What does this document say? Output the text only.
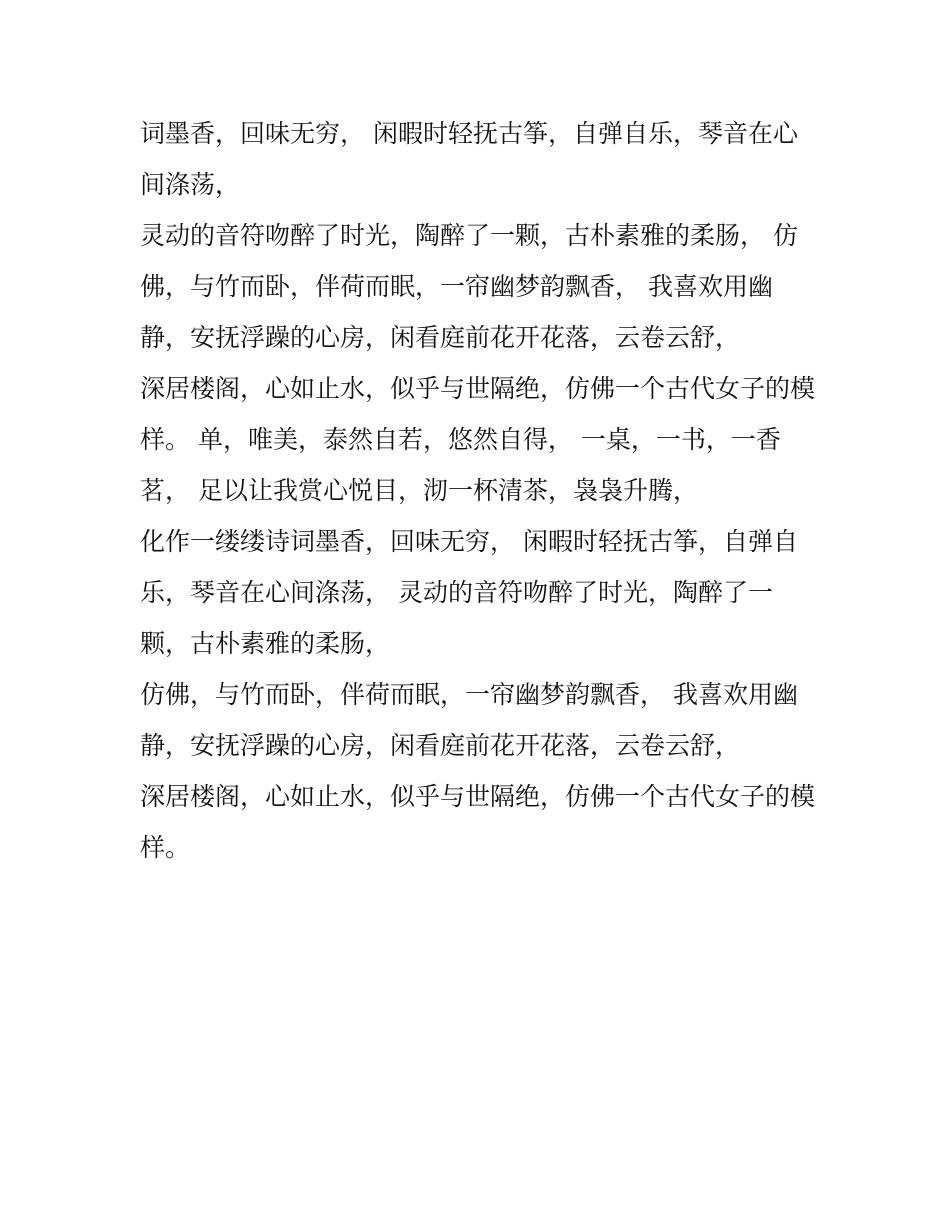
词墨香，回味无穷， 闲暇时轻抚古筝，自弹自乐，琴音在心
间涤荡，
灵动的音符吻醉了时光，陶醉了一颗，古朴素雅的柔肠， 仿
佛，与竹而卧，伴荷而眠，一帘幽梦韵飘香， 我喜欢用幽
静，安抚浮躁的心房，闲看庭前花开花落，云卷云舒，
深居楼阁，心如止水，似乎与世隔绝，仿佛一个古代女子的模
样。 单，唯美，泰然自若，悠然自得， 一桌，一书，一香
茗， 足以让我赏心悦目，沏一杯清茶，袅袅升腾，
化作一缕缕诗词墨香，回味无穷， 闲暇时轻抚古筝，自弹自
乐，琴音在心间涤荡， 灵动的音符吻醉了时光，陶醉了一
颗，古朴素雅的柔肠，
仿佛，与竹而卧，伴荷而眠，一帘幽梦韵飘香， 我喜欢用幽
静，安抚浮躁的心房，闲看庭前花开花落，云卷云舒，
深居楼阁，心如止水，似乎与世隔绝，仿佛一个古代女子的模
样。
